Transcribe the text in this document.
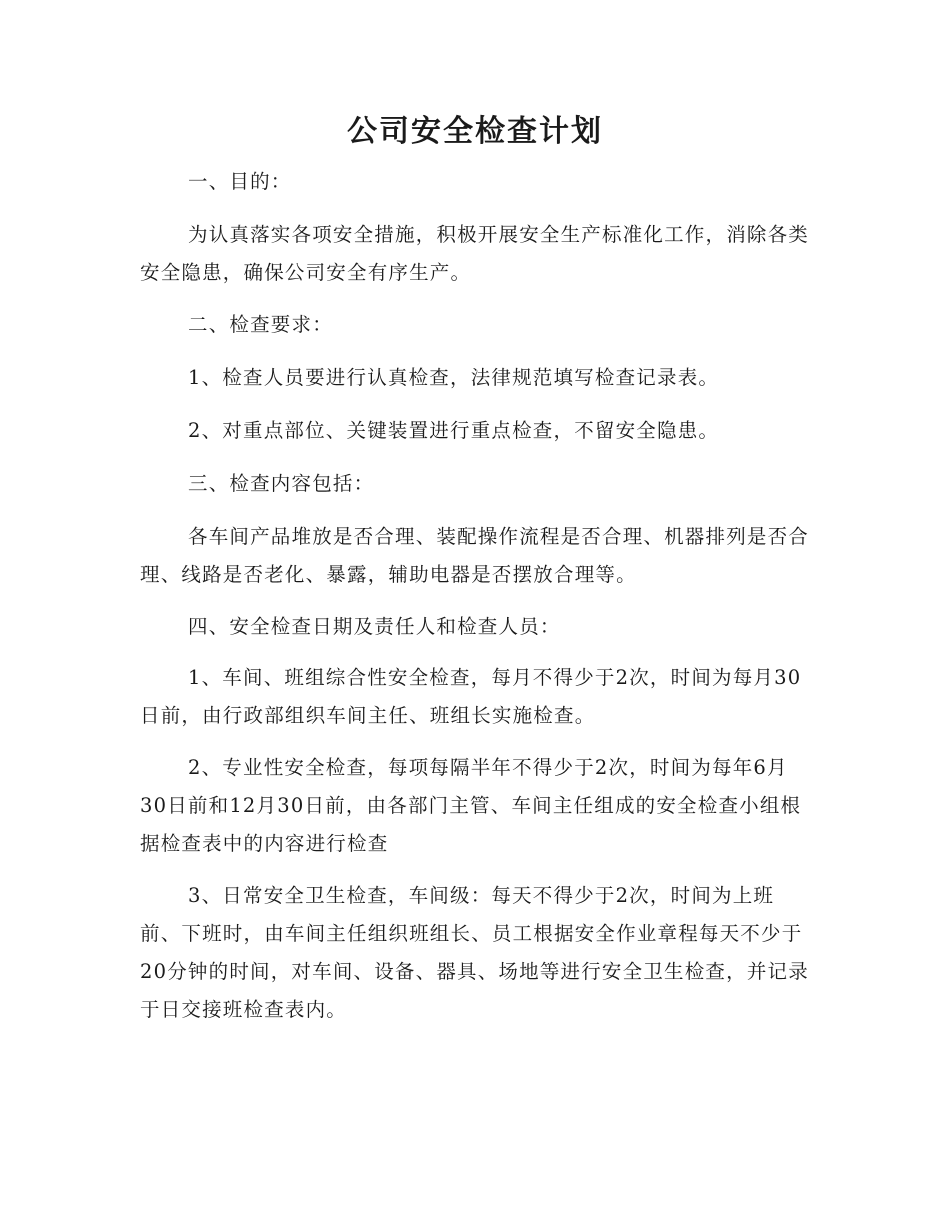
公司安全检查计划

一、目的：

为认真落实各项安全措施，积极开展安全生产标准化工作，消除各类安全隐患，确保公司安全有序生产。

二、检查要求：

1、检查人员要进行认真检查，法律规范填写检查记录表。

2、对重点部位、关键装置进行重点检查，不留安全隐患。

三、检查内容包括：

各车间产品堆放是否合理、装配操作流程是否合理、机器排列是否合理、线路是否老化、暴露，辅助电器是否摆放合理等。

四、安全检查日期及责任人和检查人员：

1、车间、班组综合性安全检查，每月不得少于2次，时间为每月30日前，由行政部组织车间主任、班组长实施检查。

2、专业性安全检查，每项每隔半年不得少于2次，时间为每年6月30日前和12月30日前，由各部门主管、车间主任组成的安全检查小组根据检查表中的内容进行检查

3、日常安全卫生检查，车间级：每天不得少于2次，时间为上班前、下班时，由车间主任组织班组长、员工根据安全作业章程每天不少于20分钟的时间，对车间、设备、器具、场地等进行安全卫生检查，并记录于日交接班检查表内。
